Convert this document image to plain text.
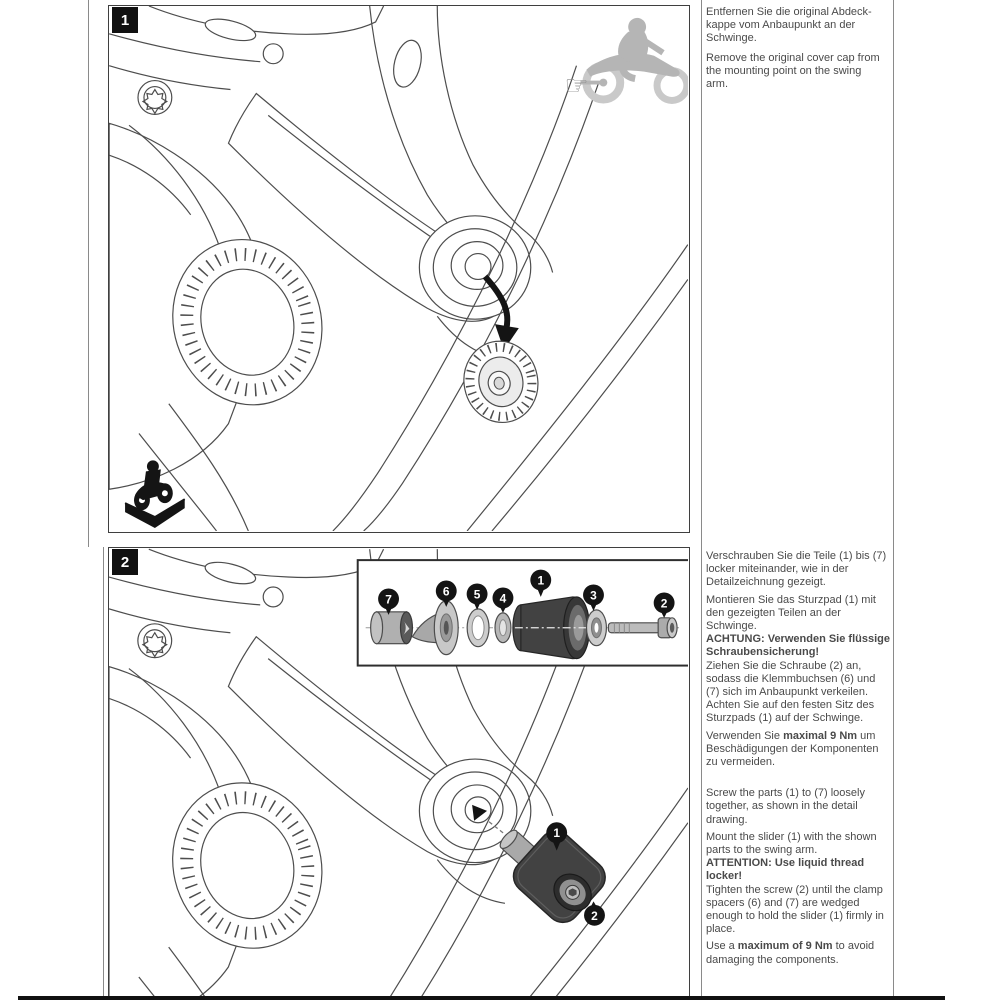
☞
1
1
2
7
6 5 4
1
3
2
2

Entfernen Sie die original Abdeck-
kappe vom Anbaupunkt an der
Schwinge.

Remove the original cover cap from
the mounting point on the swing
arm.

Verschrauben Sie die Teile (1) bis (7) locker miteinander, wie in der Detailzeichnung gezeigt.

Montieren Sie das Sturzpad (1) mit den gezeigten Teilen an der Schwinge.
ACHTUNG: Verwenden Sie flüssige Schraubensicherung!
Ziehen Sie die Schraube (2) an, sodass die Klemmbuchsen (6) und (7) sich im Anbaupunkt verkeilen. Achten Sie auf den festen Sitz des Sturzpads (1) auf der Schwinge.

Verwenden Sie maximal 9 Nm um Beschädigungen der Komponenten zu vermeiden.

Screw the parts (1) to (7) loosely together, as shown in the detail drawing.

Mount the slider (1) with the shown parts to the swing arm.
ATTENTION: Use liquid thread locker!
Tighten the screw (2) until the clamp spacers (6) and (7) are wedged enough to hold the slider (1) firmly in place.

Use a maximum of 9 Nm to avoid damaging the components.
